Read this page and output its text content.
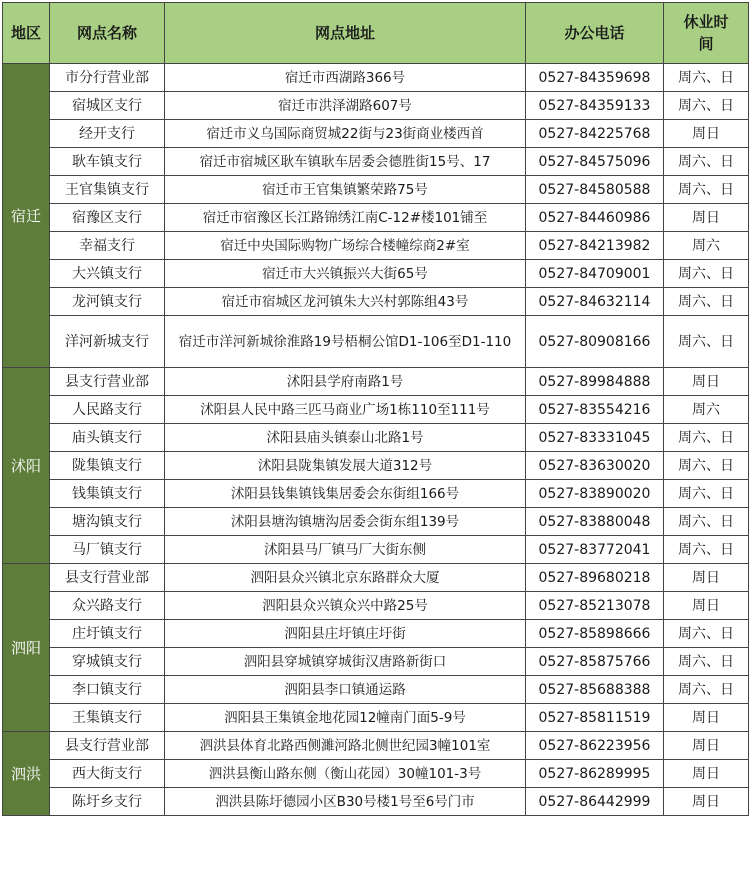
地区	网点名称	网点地址	办公电话	休业时间
宿迁	市分行营业部	宿迁市西湖路366号	0527-84359698	周六、日
	宿城区支行	宿迁市洪泽湖路607号	0527-84359133	周六、日
	经开支行	宿迁市义乌国际商贸城22街与23街商业楼西首	0527-84225768	周日
	耿车镇支行	宿迁市宿城区耿车镇耿车居委会德胜街15号、17	0527-84575096	周六、日
	王官集镇支行	宿迁市王官集镇繁荣路75号	0527-84580588	周六、日
	宿豫区支行	宿迁市宿豫区长江路锦绣江南C-12#楼101铺至	0527-84460986	周日
	幸福支行	宿迁中央国际购物广场综合楼幢综商2#室	0527-84213982	周六
	大兴镇支行	宿迁市大兴镇振兴大街65号	0527-84709001	周六、日
	龙河镇支行	宿迁市宿城区龙河镇朱大兴村郭陈组43号	0527-84632114	周六、日
	洋河新城支行	宿迁市洋河新城徐淮路19号梧桐公馆D1-106至D1-110	0527-80908166	周六、日
沭阳	县支行营业部	沭阳县学府南路1号	0527-89984888	周日
	人民路支行	沭阳县人民中路三匹马商业广场1栋110至111号	0527-83554216	周六
	庙头镇支行	沭阳县庙头镇泰山北路1号	0527-83331045	周六、日
	陇集镇支行	沭阳县陇集镇发展大道312号	0527-83630020	周六、日
	钱集镇支行	沭阳县钱集镇钱集居委会东街组166号	0527-83890020	周六、日
	塘沟镇支行	沭阳县塘沟镇塘沟居委会街东组139号	0527-83880048	周六、日
	马厂镇支行	沭阳县马厂镇马厂大街东侧	0527-83772041	周六、日
泗阳	县支行营业部	泗阳县众兴镇北京东路群众大厦	0527-89680218	周日
	众兴路支行	泗阳县众兴镇众兴中路25号	0527-85213078	周日
	庄圩镇支行	泗阳县庄圩镇庄圩街	0527-85898666	周六、日
	穿城镇支行	泗阳县穿城镇穿城街汉唐路新街口	0527-85875766	周六、日
	李口镇支行	泗阳县李口镇通运路	0527-85688388	周六、日
	王集镇支行	泗阳县王集镇金地花园12幢南门面5-9号	0527-85811519	周日
泗洪	县支行营业部	泗洪县体育北路西侧濉河路北侧世纪园3幢101室	0527-86223956	周日
	西大街支行	泗洪县衡山路东侧（衡山花园）30幢101-3号	0527-86289995	周日
	陈圩乡支行	泗洪县陈圩德园小区B30号楼1号至6号门市	0527-86442999	周日
